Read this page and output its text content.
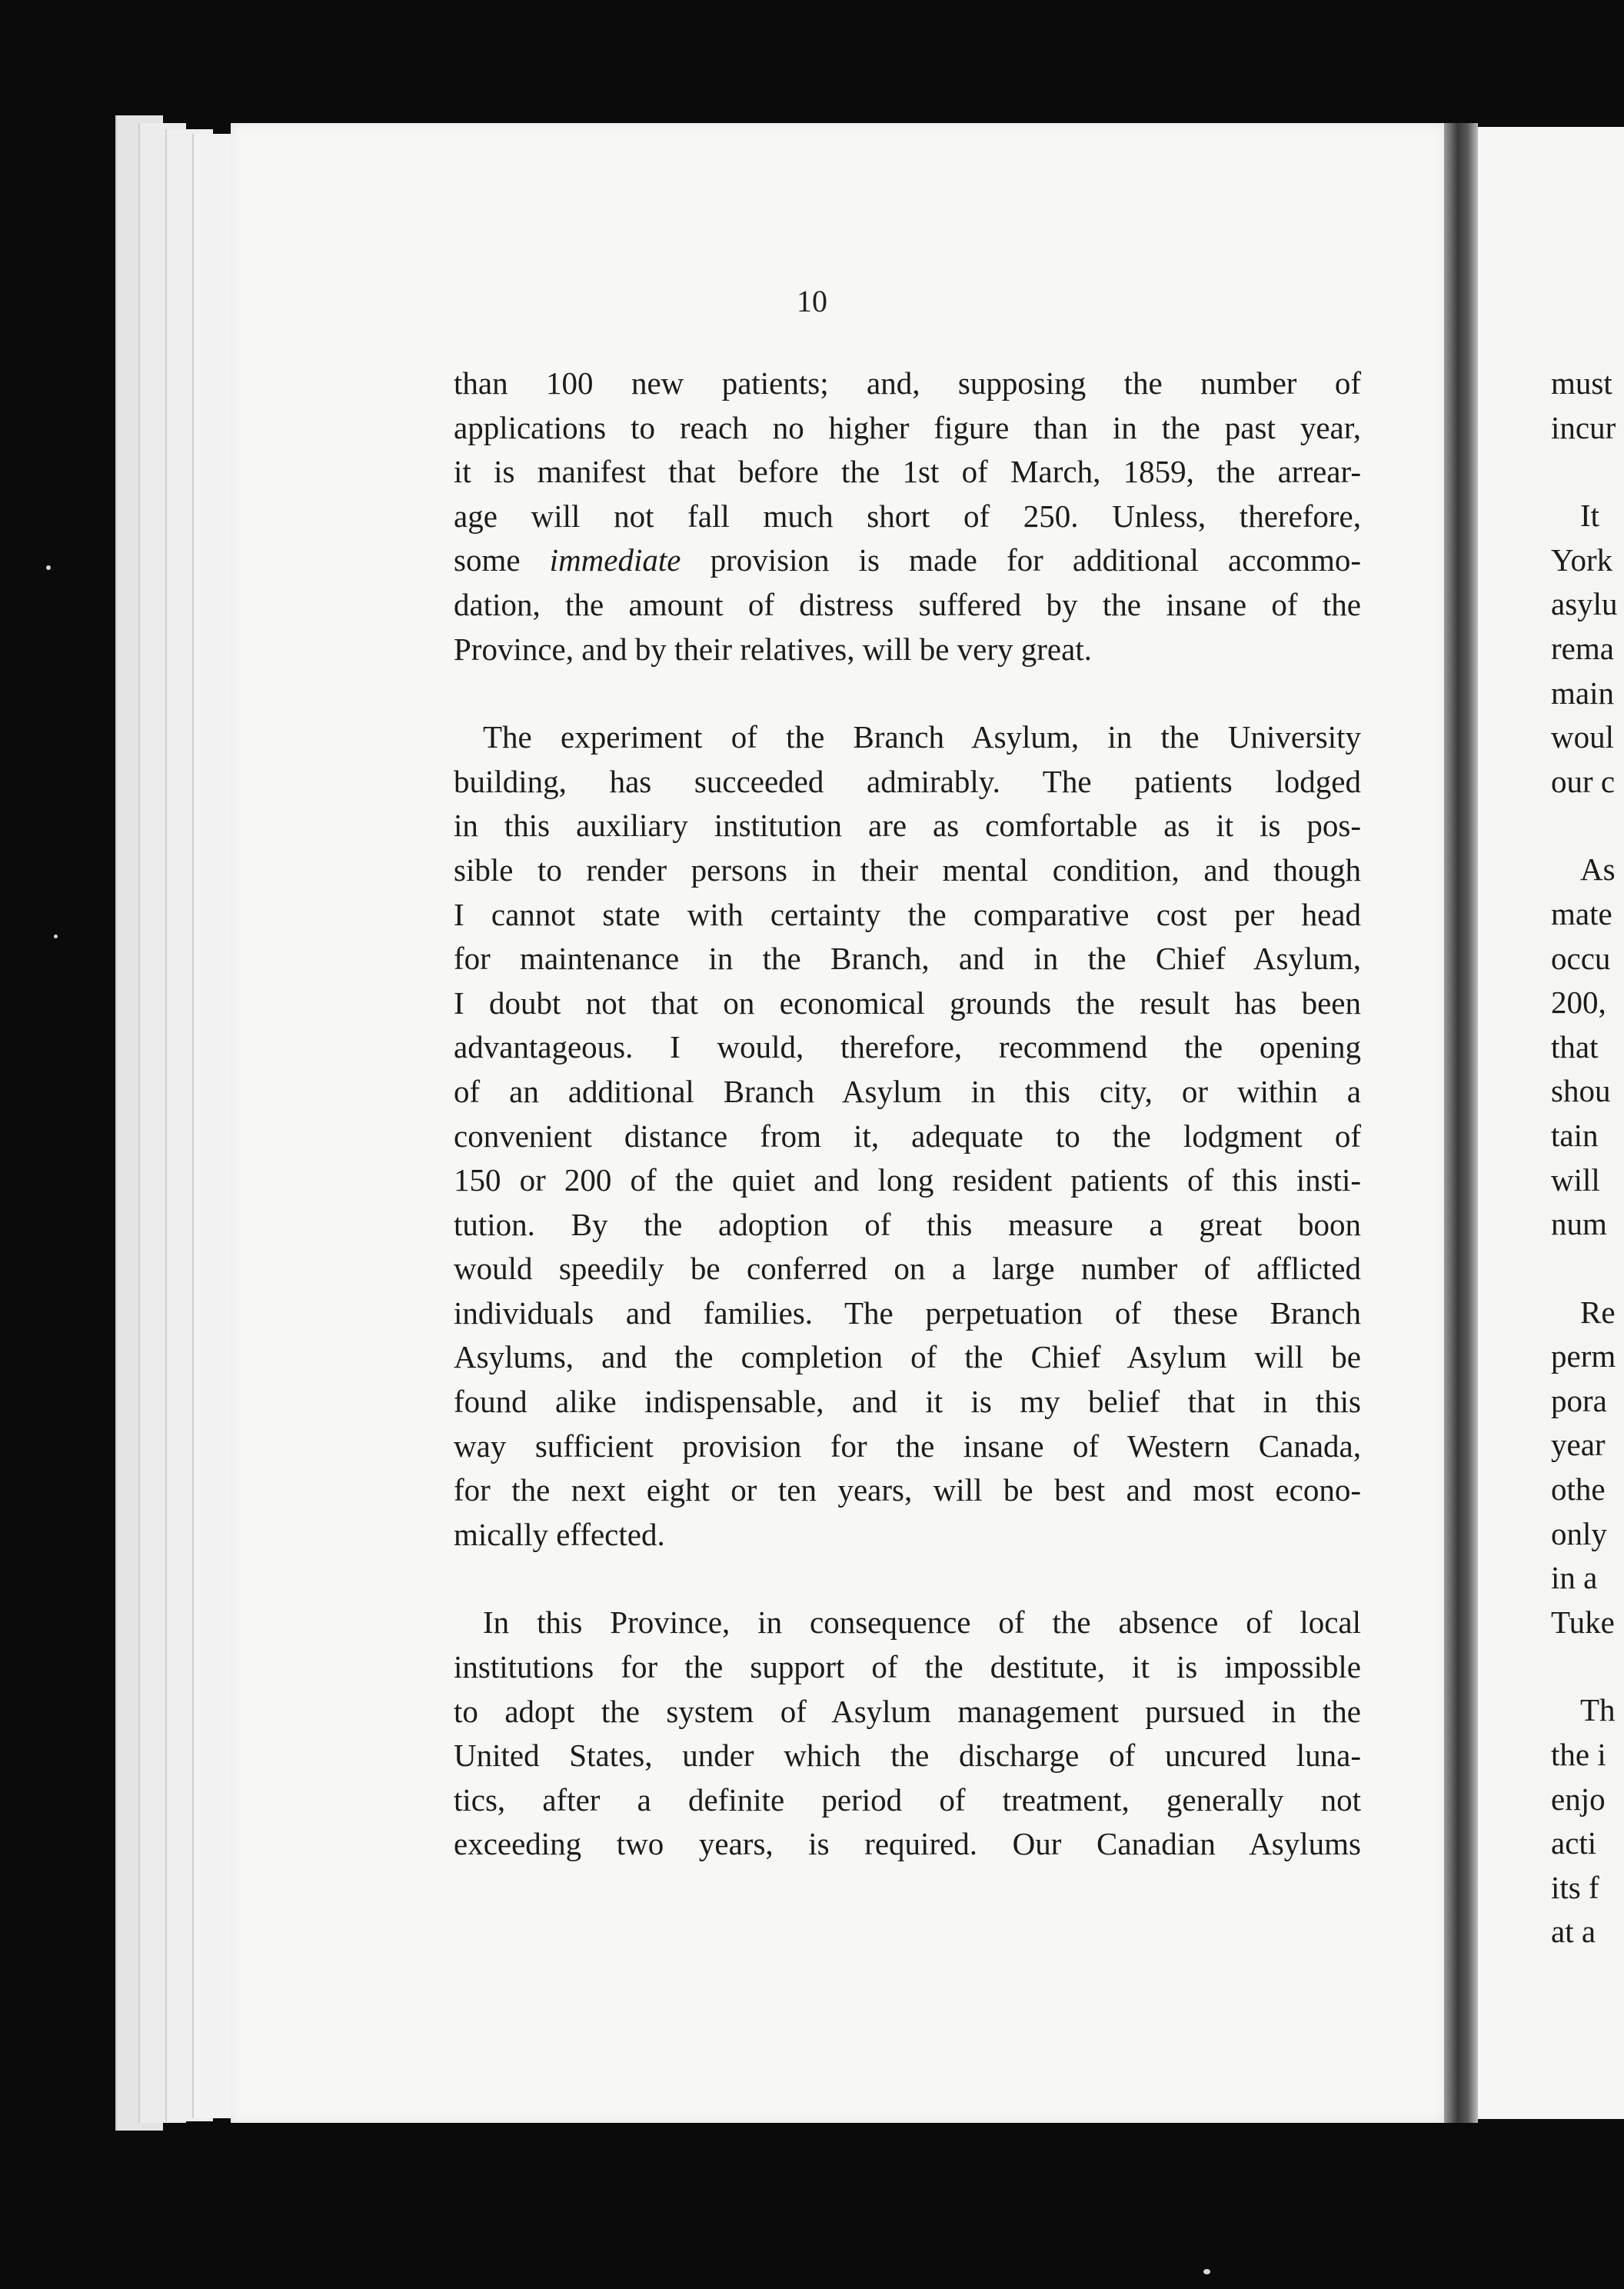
10

than 100 new patients; and, supposing the number of
applications to reach no higher figure than in the past year,
it is manifest that before the 1st of March, 1859, the arrear-
age will not fall much short of 250. Unless, therefore,
some immediate provision is made for additional accommo-
dation, the amount of distress suffered by the insane of the
Province, and by their relatives, will be very great.
The experiment of the Branch Asylum, in the University
building, has succeeded admirably. The patients lodged
in this auxiliary institution are as comfortable as it is pos-
sible to render persons in their mental condition, and though
I cannot state with certainty the comparative cost per head
for maintenance in the Branch, and in the Chief Asylum,
I doubt not that on economical grounds the result has been
advantageous. I would, therefore, recommend the opening
of an additional Branch Asylum in this city, or within a
convenient distance from it, adequate to the lodgment of
150 or 200 of the quiet and long resident patients of this insti-
tution. By the adoption of this measure a great boon
would speedily be conferred on a large number of afflicted
individuals and families. The perpetuation of these Branch
Asylums, and the completion of the Chief Asylum will be
found alike indispensable, and it is my belief that in this
way sufficient provision for the insane of Western Canada,
for the next eight or ten years, will be best and most econo-
mically effected.
In this Province, in consequence of the absence of local
institutions for the support of the destitute, it is impossible
to adopt the system of Asylum management pursued in the
United States, under which the discharge of uncured luna-
tics, after a definite period of treatment, generally not
exceeding two years, is required. Our Canadian Asylums
must
incur
It
York
asylu
rema
main
woul
our c
As
mate
occu
200,
that
shou
tain
will
num
Re
perm
pora
year
othe
only
in a
Tuke
Th
the i
enjo
acti
its f
at a
